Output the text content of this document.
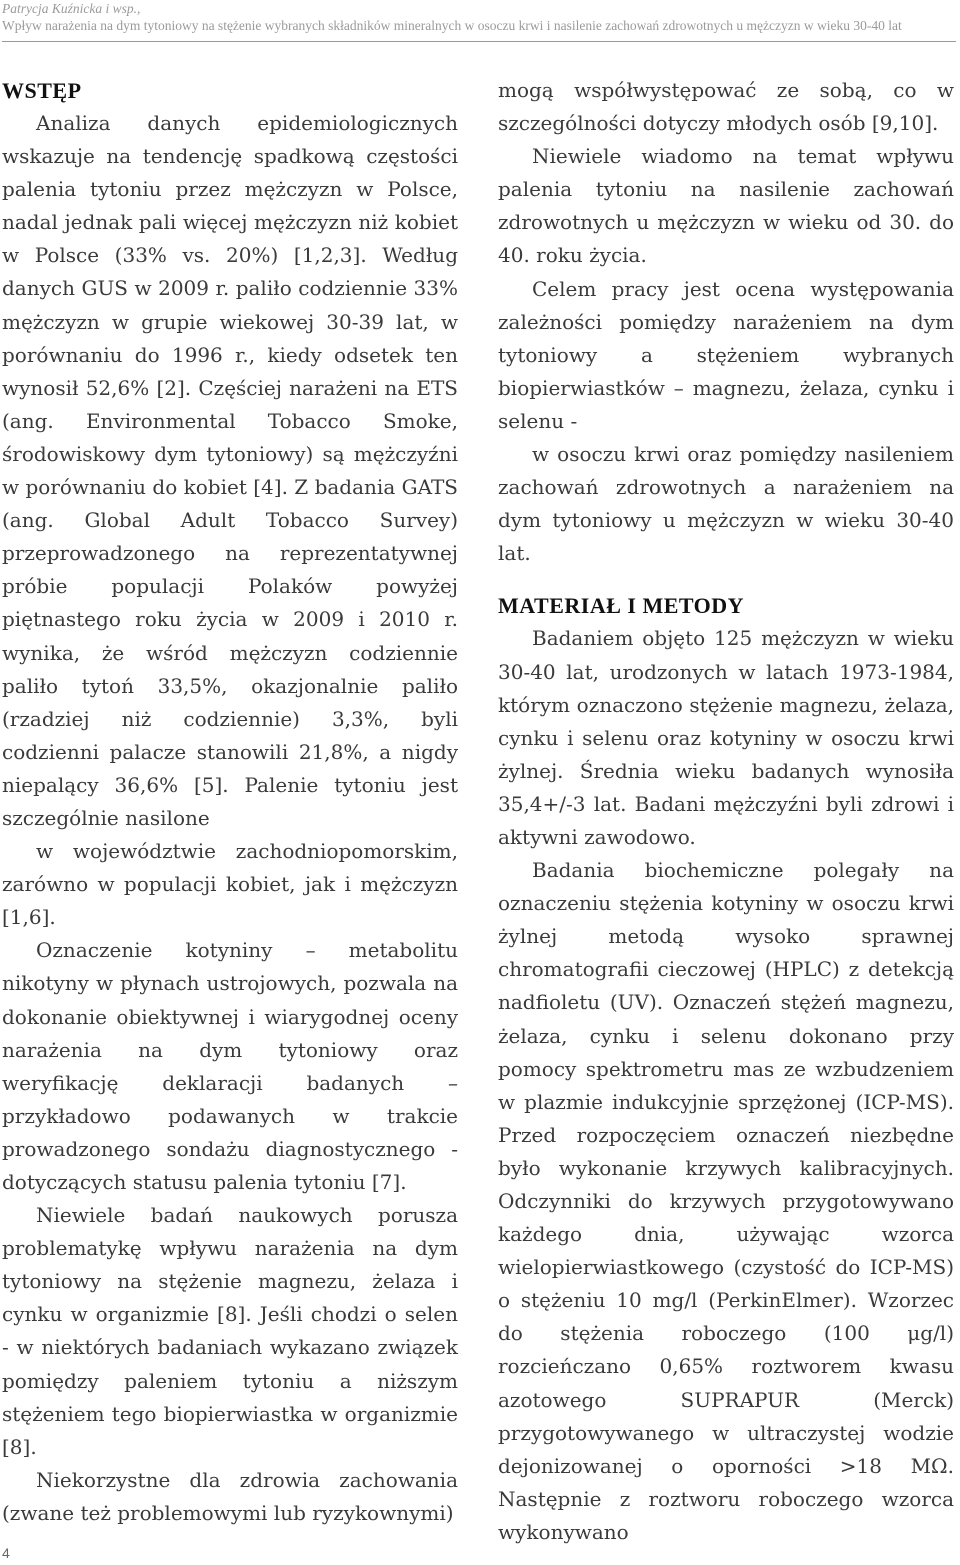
Patrycja Kuźnicka i wsp.,
Wpływ narażenia na dym tytoniowy na stężenie wybranych składników mineralnych w osoczu krwi i nasilenie zachowań zdrowotnych u mężczyzn w wieku 30-40 lat
WSTĘP

Analiza danych epidemiologicznych wskazuje na tendencję spadkową częstości palenia tytoniu przez mężczyzn w Polsce, nadal jednak pali więcej mężczyzn niż kobiet w Polsce (33% vs. 20%) [1,2,3]. Według danych GUS w 2009 r. paliło codziennie 33% mężczyzn w grupie wiekowej 30-39 lat, w porównaniu do 1996 r., kiedy odsetek ten wynosił 52,6% [2]. Częściej narażeni na ETS (ang. Environmental Tobacco Smoke, środowiskowy dym tytoniowy) są mężczyźni w porównaniu do kobiet [4]. Z badania GATS (ang. Global Adult Tobacco Survey) przeprowadzonego na reprezentatywnej próbie populacji Polaków powyżej piętnastego roku życia w 2009 i 2010 r. wynika, że wśród mężczyzn codziennie paliło tytoń 33,5%, okazjonalnie paliło (rzadziej niż codziennie) 3,3%, byli codzienni palacze stanowili 21,8%, a nigdy niepalący 36,6% [5]. Palenie tytoniu jest szczególnie nasilone

w województwie zachodniopomorskim, zarówno w populacji kobiet, jak i mężczyzn [1,6].

Oznaczenie kotyniny – metabolitu nikotyny w płynach ustrojowych, pozwala na dokonanie obiektywnej i wiarygodnej oceny narażenia na dym tytoniowy oraz weryfikację deklaracji badanych – przykładowo podawanych w trakcie prowadzonego sondażu diagnostycznego - dotyczących statusu palenia tytoniu [7].

Niewiele badań naukowych porusza problematykę wpływu narażenia na dym tytoniowy na stężenie magnezu, żelaza i cynku w organizmie [8]. Jeśli chodzi o selen - w niektórych badaniach wykazano związek pomiędzy paleniem tytoniu a niższym stężeniem tego biopierwiastka w organizmie [8].

Niekorzystne dla zdrowia zachowania (zwane też problemowymi lub ryzykownymi)

mogą współwystępować ze sobą, co w szczególności dotyczy młodych osób [9,10].

Niewiele wiadomo na temat wpływu palenia tytoniu na nasilenie zachowań zdrowotnych u mężczyzn w wieku od 30. do 40. roku życia.

Celem pracy jest ocena występowania zależności pomiędzy narażeniem na dym tytoniowy a stężeniem wybranych biopierwiastków – magnezu, żelaza, cynku i selenu -

w osoczu krwi oraz pomiędzy nasileniem zachowań zdrowotnych a narażeniem na dym tytoniowy u mężczyzn w wieku 30-40 lat.

MATERIAŁ I METODY

Badaniem objęto 125 mężczyzn w wieku 30-40 lat, urodzonych w latach 1973-1984, którym oznaczono stężenie magnezu, żelaza, cynku i selenu oraz kotyniny w osoczu krwi żylnej. Średnia wieku badanych wynosiła 35,4+/-3 lat. Badani mężczyźni byli zdrowi i aktywni zawodowo.

Badania biochemiczne polegały na oznaczeniu stężenia kotyniny w osoczu krwi żylnej metodą wysoko sprawnej chromatografii cieczowej (HPLC) z detekcją nadfioletu (UV). Oznaczeń stężeń magnezu, żelaza, cynku i selenu dokonano przy pomocy spektrometru mas ze wzbudzeniem w plazmie indukcyjnie sprzężonej (ICP-MS). Przed rozpoczęciem oznaczeń niezbędne było wykonanie krzywych kalibracyjnych. Odczynniki do krzywych przygotowywano każdego dnia, używając wzorca wielopierwiastkowego (czystość do ICP-MS) o stężeniu 10 mg/l (PerkinElmer). Wzorzec do stężenia roboczego (100 μg/l) rozcieńczano 0,65% roztworem kwasu azotowego SUPRAPUR (Merck) przygotowywanego w ultraczystej wodzie dejonizowanej o oporności >18 MΩ. Następnie z roztworu roboczego wzorca wykonywano

4
